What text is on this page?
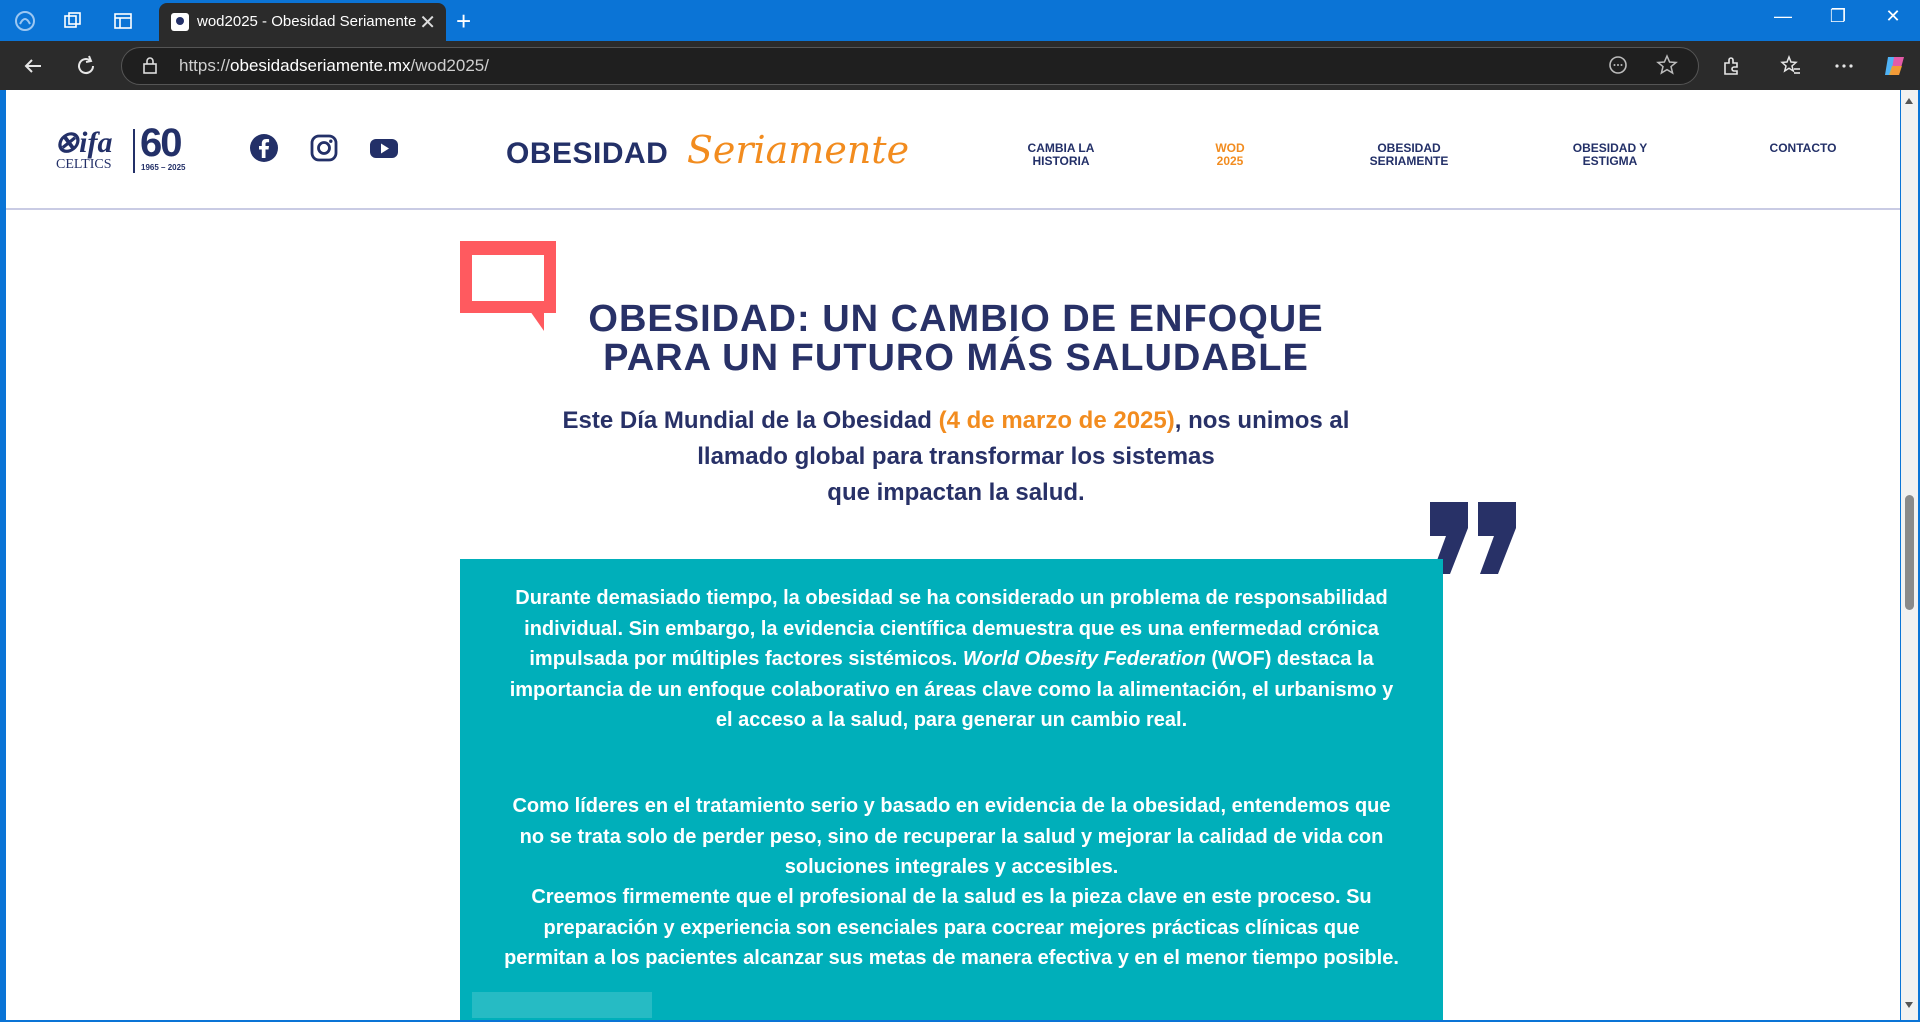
wod2025 - Obesidad Seriamente ✕ +	—	❐	✕
https://obesidadseriamente.mx/wod2025/
⊗ifa
CELTICS 60
1965 – 2025	OBESIDAD Seriamente	CAMBIA LA
HISTORIA
WOD
2025
OBESIDAD
SERIAMENTE
OBESIDAD Y
ESTIGMA
CONTACTO
OBESIDAD: UN CAMBIO DE ENFOQUE
PARA UN FUTURO MÁS SALUDABLE
Este Día Mundial de la Obesidad (4 de marzo de 2025), nos unimos al
llamado global para transformar los sistemas
que impactan la salud.

Durante demasiado tiempo, la obesidad se ha considerado un problema de responsabilidad individual. Sin embargo, la evidencia científica demuestra que es una enfermedad crónica impulsada por múltiples factores sistémicos. World Obesity Federation (WOF) destaca la importancia de un enfoque colaborativo en áreas clave como la alimentación, el urbanismo y el acceso a la salud, para generar un cambio real.

Como líderes en el tratamiento serio y basado en evidencia de la obesidad, entendemos que no se trata solo de perder peso, sino de recuperar la salud y mejorar la calidad de vida con soluciones integrales y accesibles.

Creemos firmemente que el profesional de la salud es la pieza clave en este proceso. Su preparación y experiencia son esenciales para cocrear mejores prácticas clínicas que permitan a los pacientes alcanzar sus metas de manera efectiva y en el menor tiempo posible.
